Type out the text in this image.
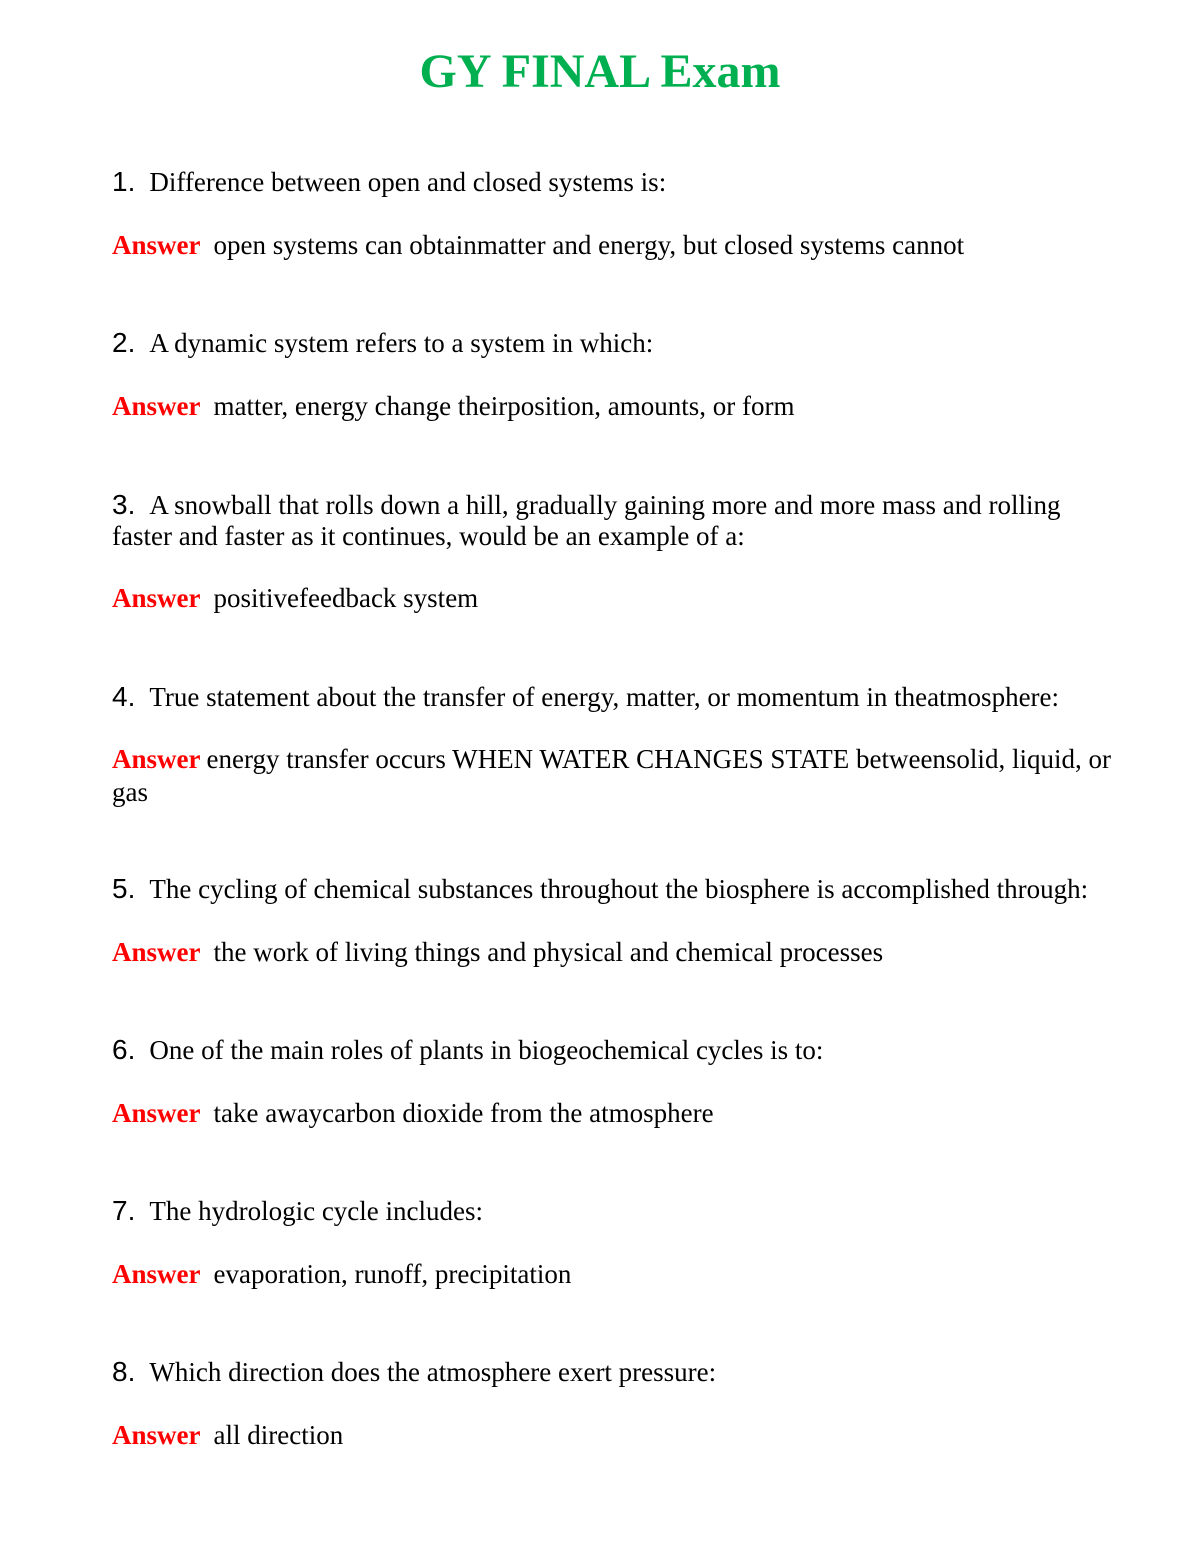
GY FINAL Exam

1. Difference between open and closed systems is:

Answer open systems can obtainmatter and energy, but closed systems cannot

2. A dynamic system refers to a system in which:

Answer matter, energy change theirposition, amounts, or form

3. A snowball that rolls down a hill, gradually gaining more and more mass and rolling faster and faster as it continues, would be an example of a:

Answer positivefeedback system

4. True statement about the transfer of energy, matter, or momentum in theatmosphere:

Answer energy transfer occurs WHEN WATER CHANGES STATE betweensolid, liquid, or gas

5. The cycling of chemical substances throughout the biosphere is accomplished through:

Answer the work of living things and physical and chemical processes

6. One of the main roles of plants in biogeochemical cycles is to:

Answer take awaycarbon dioxide from the atmosphere

7. The hydrologic cycle includes:

Answer evaporation, runoff, precipitation

8. Which direction does the atmosphere exert pressure:

Answer all direction
